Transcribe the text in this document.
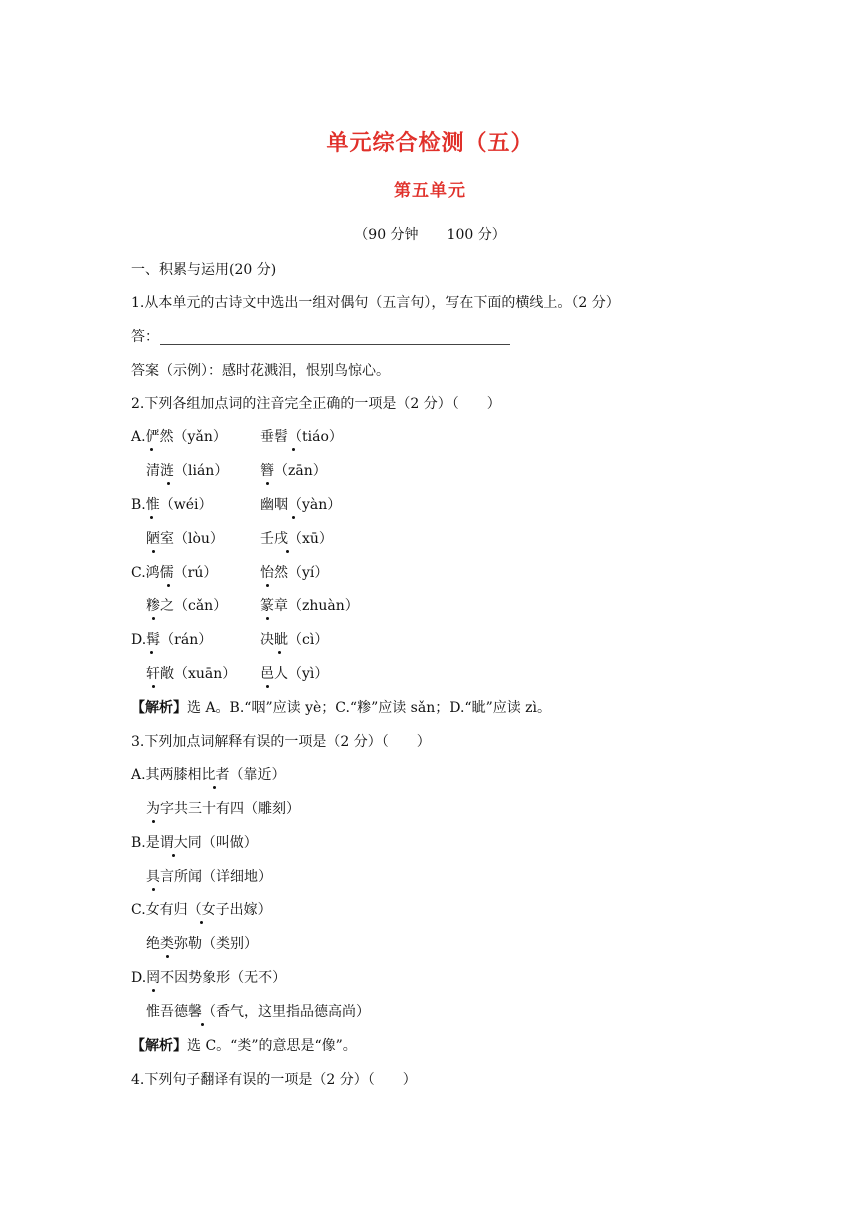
单元综合检测（五）
第五单元
（90 分钟　　100 分）
一、积累与运用(20 分)
1.从本单元的古诗文中选出一组对偶句（五言句），写在下面的横线上。（2 分）
答：
答案（示例）：感时花溅泪，恨别鸟惊心。
2.下列各组加点词的注音完全正确的一项是（2 分）（　　）
A.俨然（yǎn） 垂髫（tiáo）
清涟（lián） 簪（zān）
B.惟（wéi）	幽咽（yàn）
陋室（lòu）	壬戌（xū）
C.鸿儒（rú）	怡然（yí）
糁之（cǎn） 篆章（zhuàn）
D.髯（rán）	决眦（cì）
轩敞（xuān） 邑人（yì）
【解析】选 A。B.“咽”应读 yè；C.“糁”应读 sǎn；D.“眦”应读 zì。
3.下列加点词解释有误的一项是（2 分）（　　）
A.其两膝相比者（靠近）
为字共三十有四（雕刻）
B.是谓大同（叫做）
具言所闻（详细地）
C.女有归（女子出嫁）
绝类弥勒（类别）
D.罔不因势象形（无不）
惟吾德馨（香气，这里指品德高尚）
【解析】选 C。“类”的意思是“像”。
4.下列句子翻译有误的一项是（2 分）（　　）
